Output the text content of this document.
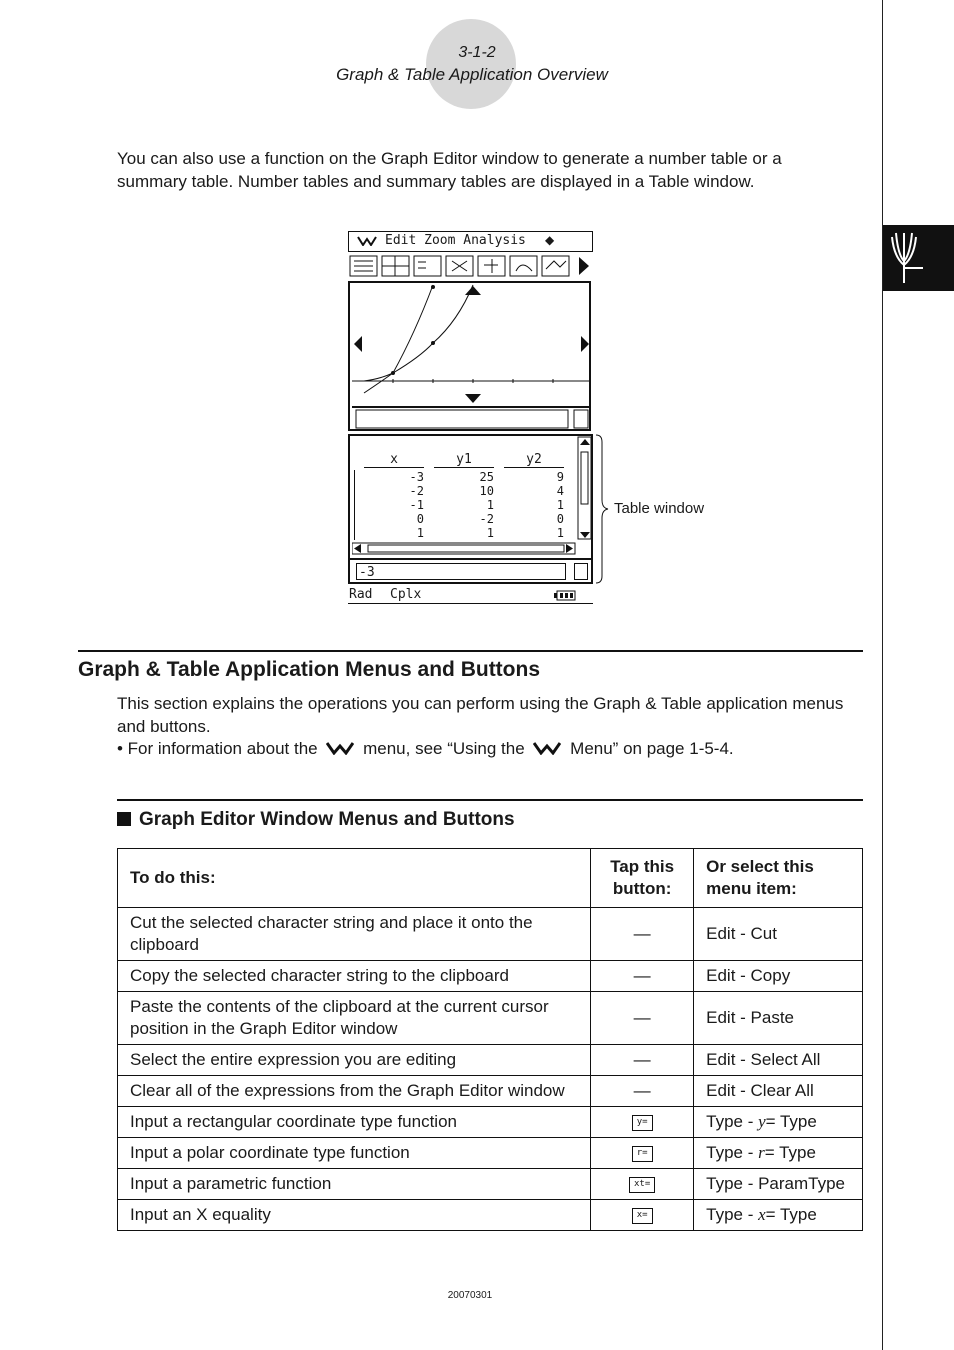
3-1-2
Graph & Table Application Overview
You can also use a function on the Graph Editor window to generate a number table or a summary table. Number tables and summary tables are displayed in a Table window.
Edit Zoom Analysis ◆
x	y1	y2
-3	25	9
-2	10	4
-1	1	1
0	-2	0
1	1	1
-3
Rad Cplx
Table window
Graph & Table Application Menus and Buttons
This section explains the operations you can perform using the Graph & Table application menus and buttons.
• For information about the	menu, see “Using the	Menu” on page 1-5-4.
Graph Editor Window Menus and Buttons
To do this:	Tap this button:	Or select this menu item:
Cut the selected character string and place it onto the clipboard	—	Edit - Cut
Copy the selected character string to the clipboard	—	Edit - Copy
Paste the contents of the clipboard at the current cursor position in the Graph Editor window	—	Edit - Paste
Select the entire expression you are editing	—	Edit - Select All
Clear all of the expressions from the Graph Editor window	—	Edit - Clear All
Input a rectangular coordinate type function	y=	Type - y= Type
Input a polar coordinate type function	r=	Type - r= Type
Input a parametric function	xt=	Type - ParamType
Input an X equality	x=	Type - x= Type
20070301
